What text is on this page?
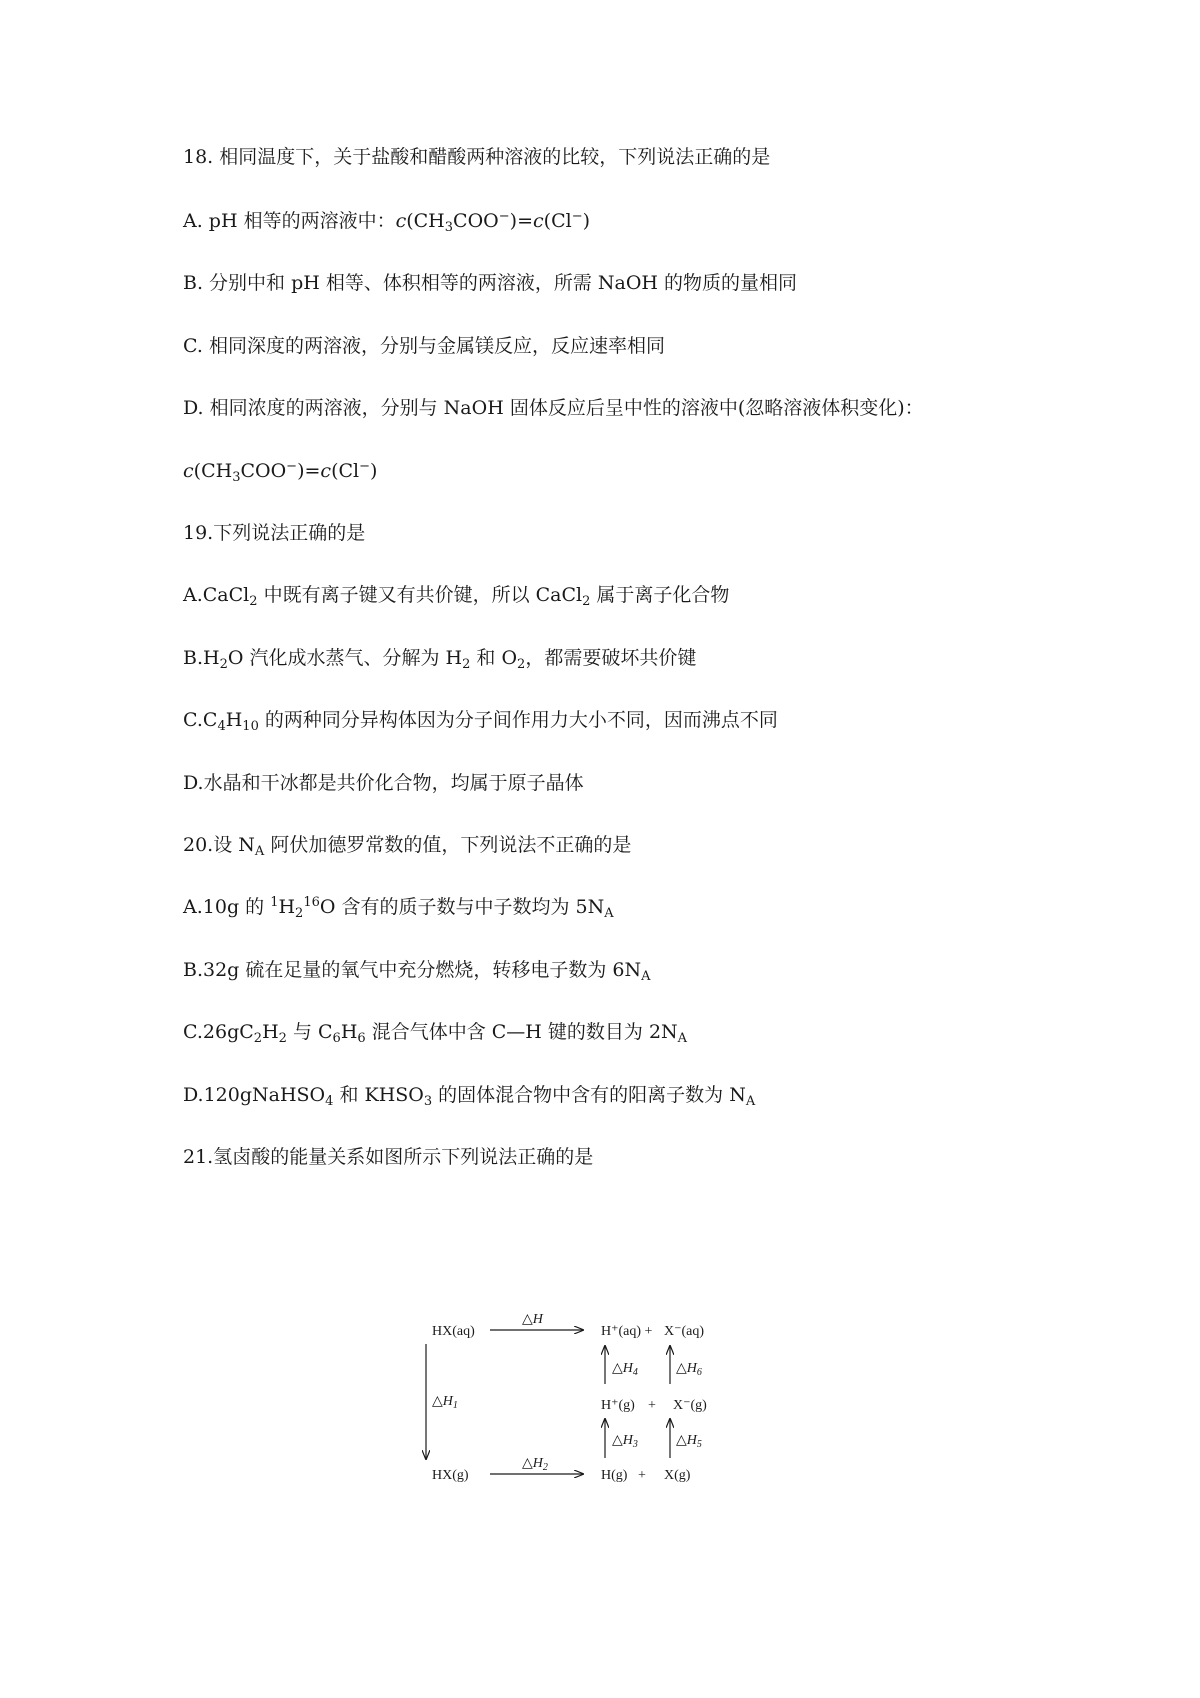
18. 相同温度下，关于盐酸和醋酸两种溶液的比较，下列说法正确的是

A. pH 相等的两溶液中：$c(CH_3COO^-)=c(Cl^-)$

B. 分别中和 pH 相等、体积相等的两溶液，所需 NaOH 的物质的量相同

C. 相同深度的两溶液，分别与金属镁反应，反应速率相同

D. 相同浓度的两溶液，分别与 NaOH 固体反应后呈中性的溶液中(忽略溶液体积变化)：

$c(CH_3COO^-)=c(Cl^-)$

19.下列说法正确的是

A.CaCl$_2$ 中既有离子键又有共价键，所以 CaCl$_2$ 属于离子化合物

$B.H_2O$ 汽化成水蒸气、分解为 $H_2$ 和 $O_2$，都需要破坏共价键

$C.C_4H_{10}$ 的两种同分异构体因为分子间作用力大小不同，因而沸点不同

D.水晶和干冰都是共价化合物，均属于原子晶体

20.设 $N_A$ 阿伏加德罗常数的值，下列说法不正确的是

A.10g 的 $^1H_2^{16}O$ 含有的质子数与中子数均为 $5N_A$

B.32g 硫在足量的氧气中充分燃烧，转移电子数为 $6N_A$

$C.26gC_2H_2$ 与 $C_6H_6$ 混合气体中含 C—H 键的数目为 $2N_A$

D.120gNaHSO$_4$ 和 $KHSO_3$ 的固体混合物中含有的阳离子数为 $N_A$

21.氢卤酸的能量关系如图所示下列说法正确的是

HX(aq)
HX(g)
H⁺(aq) + X⁻(aq)
H⁺(g) + X⁻(g)
H(g) + X(g)
△H
$\triangle H_2$
$\triangle H_1$
$\triangle H_4$	$\triangle H_6$
$\triangle H_3$	$\triangle H_5$
